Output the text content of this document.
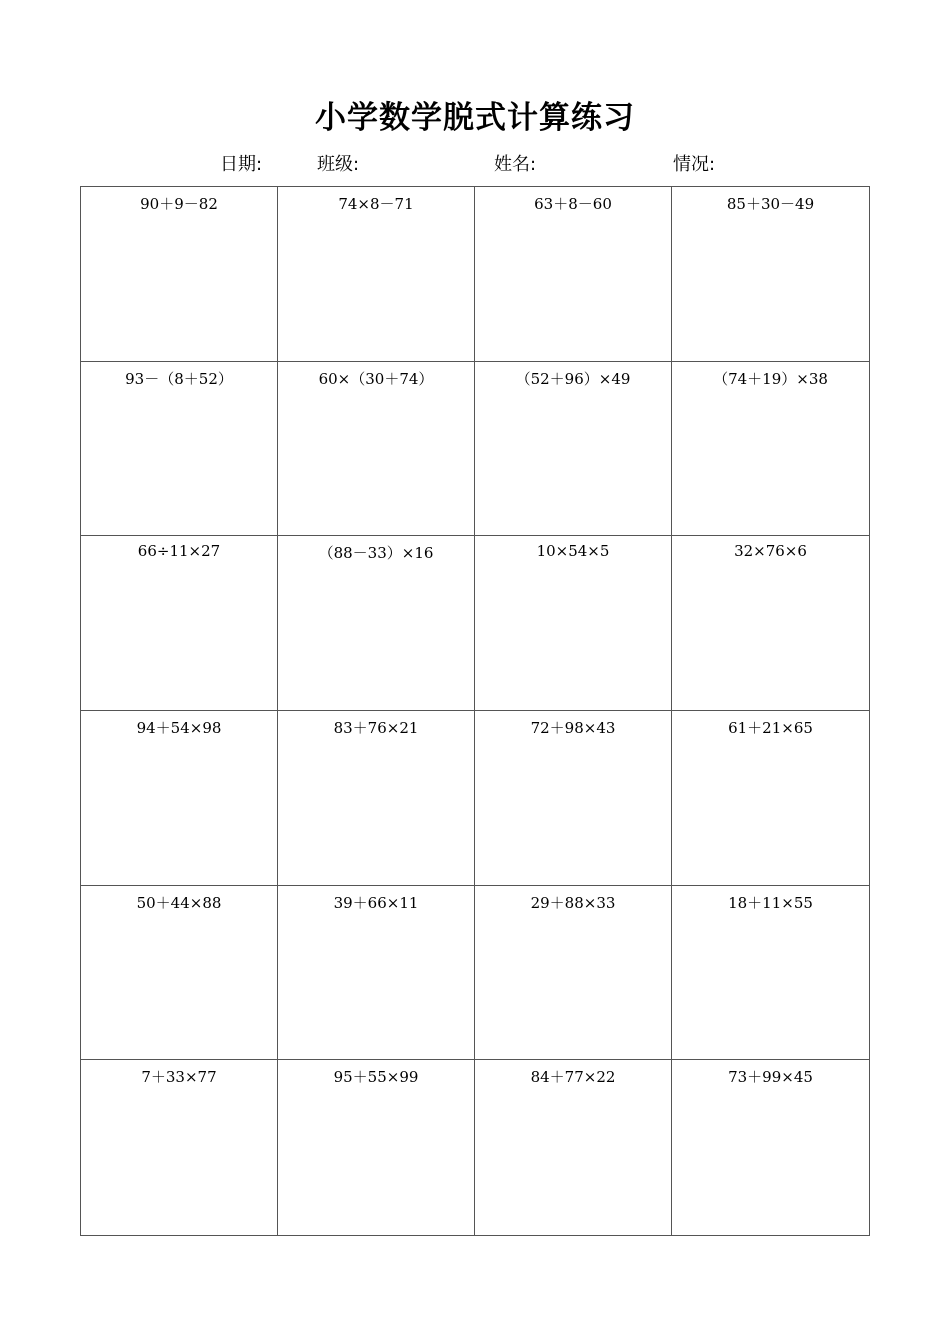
小学数学脱式计算练习
日期:	班级:	姓名:	情况:
90＋9－82	74×8－71	63＋8－60	85＋30－49
93－（8＋52）	60×（30＋74）	（52＋96）×49	（74＋19）×38
66÷11×27	（88－33）×16	10×54×5	32×76×6
94＋54×98	83＋76×21	72＋98×43	61＋21×65
50＋44×88	39＋66×11	29＋88×33	18＋11×55
7＋33×77	95＋55×99	84＋77×22	73＋99×45
